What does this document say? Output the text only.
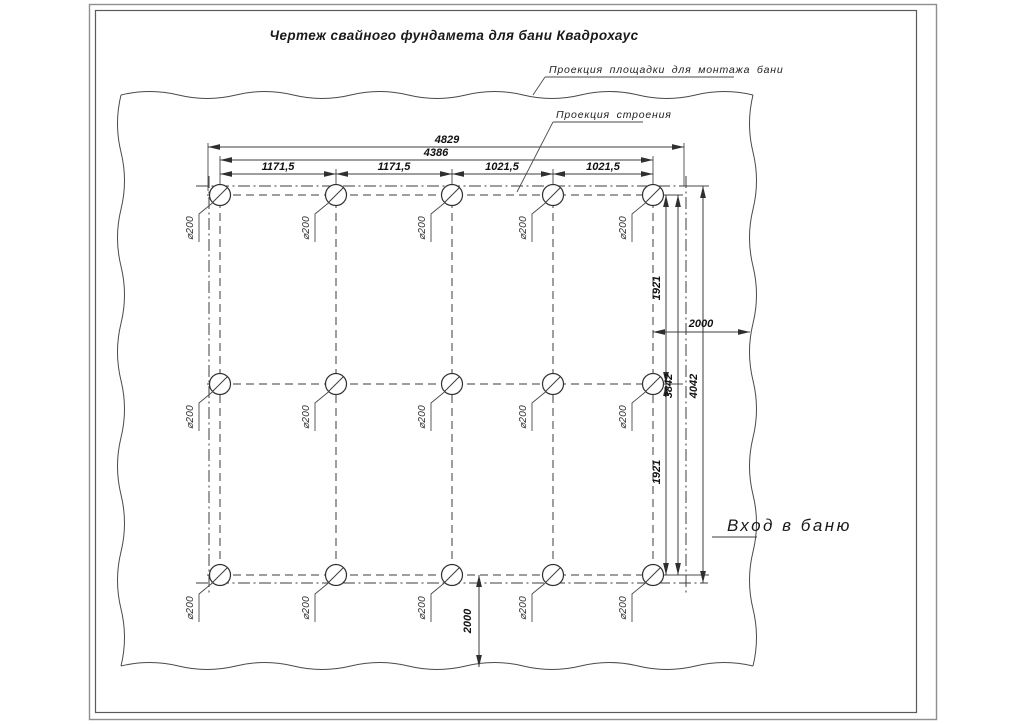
Чертеж свайного фундамета для бани Квадрохаус
4829
4386
1171,5	1171,5	1021,5	1021,5
1921
1921
3842 4042
2000
2000
⌀200	⌀200	⌀200	⌀200	⌀200
⌀200	⌀200	⌀200	⌀200	⌀200
⌀200	⌀200	⌀200	⌀200	⌀200
Проекция площадки для монтажа бани
Проекция строения
Вход в баню
